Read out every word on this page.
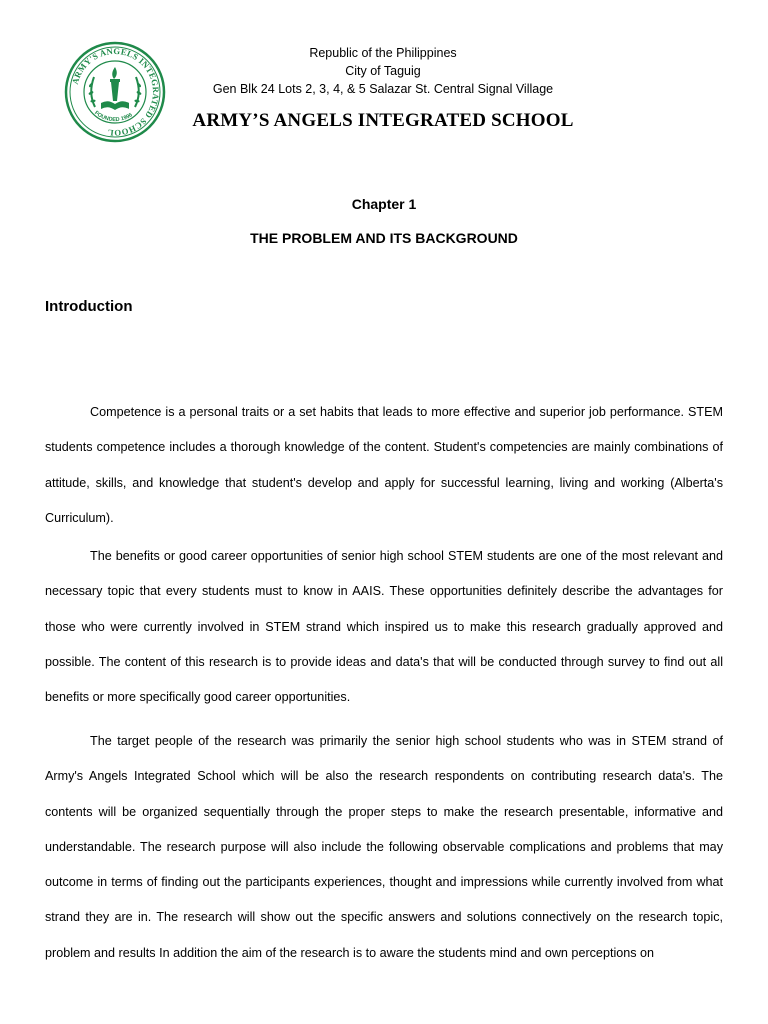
ARMY'S ANGELS INTEGRATED SCHOOL
FOUNDED 1996
Republic of the Philippines
City of Taguig
Gen Blk 24 Lots 2, 3, 4, & 5 Salazar St. Central Signal Village
ARMY’S ANGELS INTEGRATED SCHOOL
Chapter 1
THE PROBLEM AND ITS BACKGROUND
Introduction

Competence is a personal traits or a set habits that leads to more effective and superior job performance. STEM students competence includes a thorough knowledge of the content. Student's competencies are mainly combinations of attitude, skills, and knowledge that student's develop and apply for successful learning, living and working (Alberta's Curriculum).

The benefits or good career opportunities of senior high school STEM students are one of the most relevant and necessary topic that every students must to know in AAIS. These opportunities definitely describe the advantages for those who were currently involved in STEM strand which inspired us to make this research gradually approved and possible. The content of this research is to provide ideas and data's that will be conducted through survey to find out all benefits or more specifically good career opportunities.

The target people of the research was primarily the senior high school students who was in STEM strand of Army's Angels Integrated School which will be also the research respondents on contributing research data's. The contents will be organized sequentially through the proper steps to make the research presentable, informative and understandable. The research purpose will also include the following observable complications and problems that may outcome in terms of finding out the participants experiences, thought and impressions while currently involved from what strand they are in. The research will show out the specific answers and solutions connectively on the research topic, problem and results In addition the aim of the research is to aware the students mind and own perceptions on
